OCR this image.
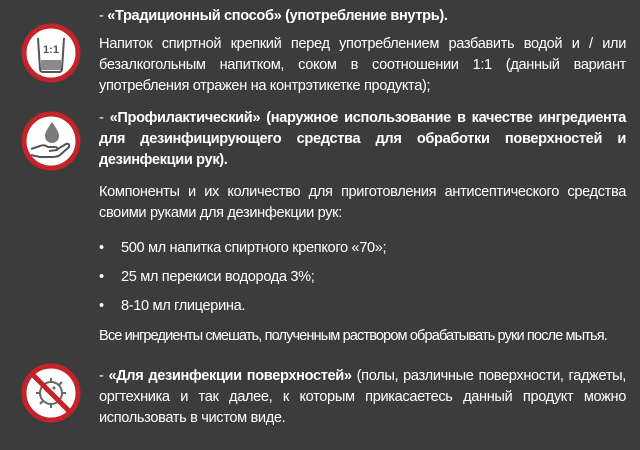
1:1
- «Традиционный способ» (употребление внутрь).
Напиток спиртной крепкий перед употреблением разбавить водой и / или безалкогольным напитком, соком в соотношении 1:1 (данный вариант употребления отражен на контрэтикетке продукта);
- «Профилактический» (наружное использование в качестве ингредиента для дезинфицирующего средства для обработки поверхностей и дезинфекции рук).
Компоненты и их количество для приготовления антисептического средства своими руками для дезинфекции рук:
• 500 мл напитка спиртного крепкого «70»;
• 25 мл перекиси водорода 3%;
• 8-10 мл глицерина.
Все ингредиенты смешать, полученным раствором обрабатывать руки после мытья.
- «Для дезинфекции поверхностей» (полы, различные поверхности, гаджеты, оргтехника и так далее, к которым прикасаетесь данный продукт можно использовать в чистом виде.
